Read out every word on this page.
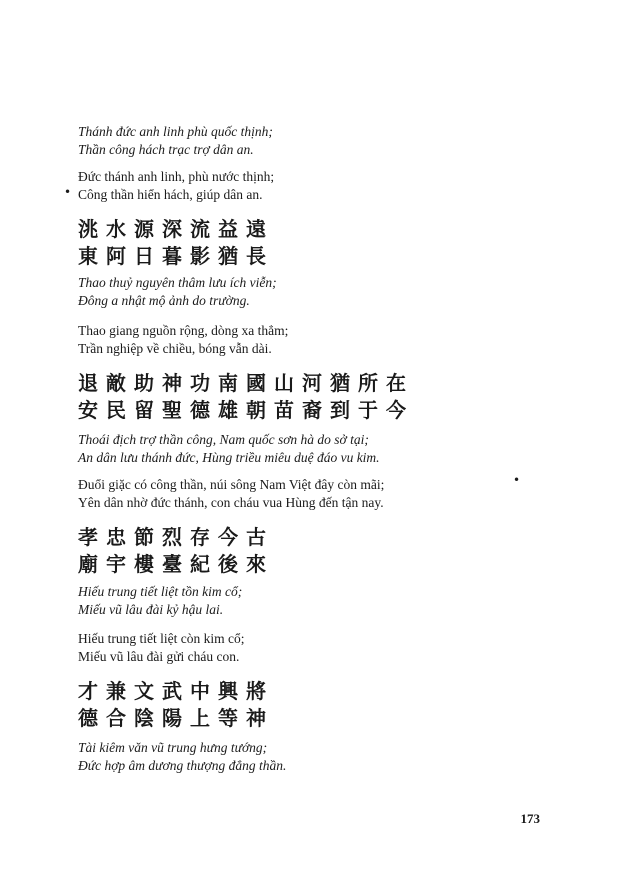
Thánh đức anh linh phù quốc thịnh;
Thần công hách trạc trợ dân an.
Đức thánh anh linh, phù nước thịnh;
Công thần hiển hách, giúp dân an.
洮水源深流益遠
東阿日暮影猶長
Thao thuỷ nguyên thâm lưu ích viễn;
Đông a nhật mộ ảnh do trường.
Thao giang nguồn rộng, dòng xa thẳm;
Trần nghiệp về chiều, bóng vẫn dài.
退敵助神功南國山河猶所在
安民留聖德雄朝苗裔到于今
Thoái địch trợ thần công, Nam quốc sơn hà do sở tại;
An dân lưu thánh đức, Hùng triều miêu duệ đáo vu kim.
Đuổi giặc có công thần, núi sông Nam Việt đây còn mãi;
Yên dân nhờ đức thánh, con cháu vua Hùng đến tận nay.
孝忠節烈存今古
廟宇樓臺紀後來
Hiếu trung tiết liệt tồn kim cổ;
Miếu vũ lâu đài kỷ hậu lai.
Hiếu trung tiết liệt còn kim cổ;
Miếu vũ lâu đài gửi cháu con.
才兼文武中興將
德合陰陽上等神
Tài kiêm văn vũ trung hưng tướng;
Đức hợp âm dương thượng đẳng thần.
•
•
173
